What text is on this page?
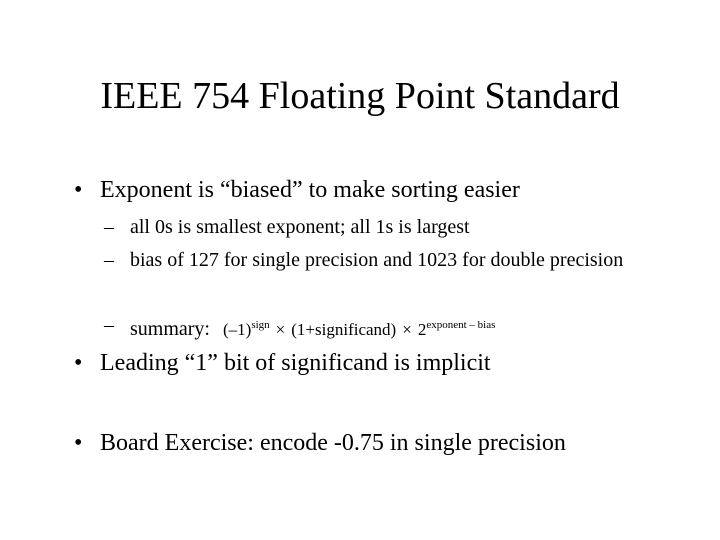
IEEE 754 Floating Point Standard
• Exponent is “biased” to make sorting easier
– all 0s is smallest exponent; all 1s is largest
– bias of 127 for single precision and 1023 for double precision
– summary: $(-1)^{sign}$ × (1+significand) × $2^{exponent - bias}$
• Leading “1” bit of significand is implicit
• Board Exercise: encode -0.75 in single precision
